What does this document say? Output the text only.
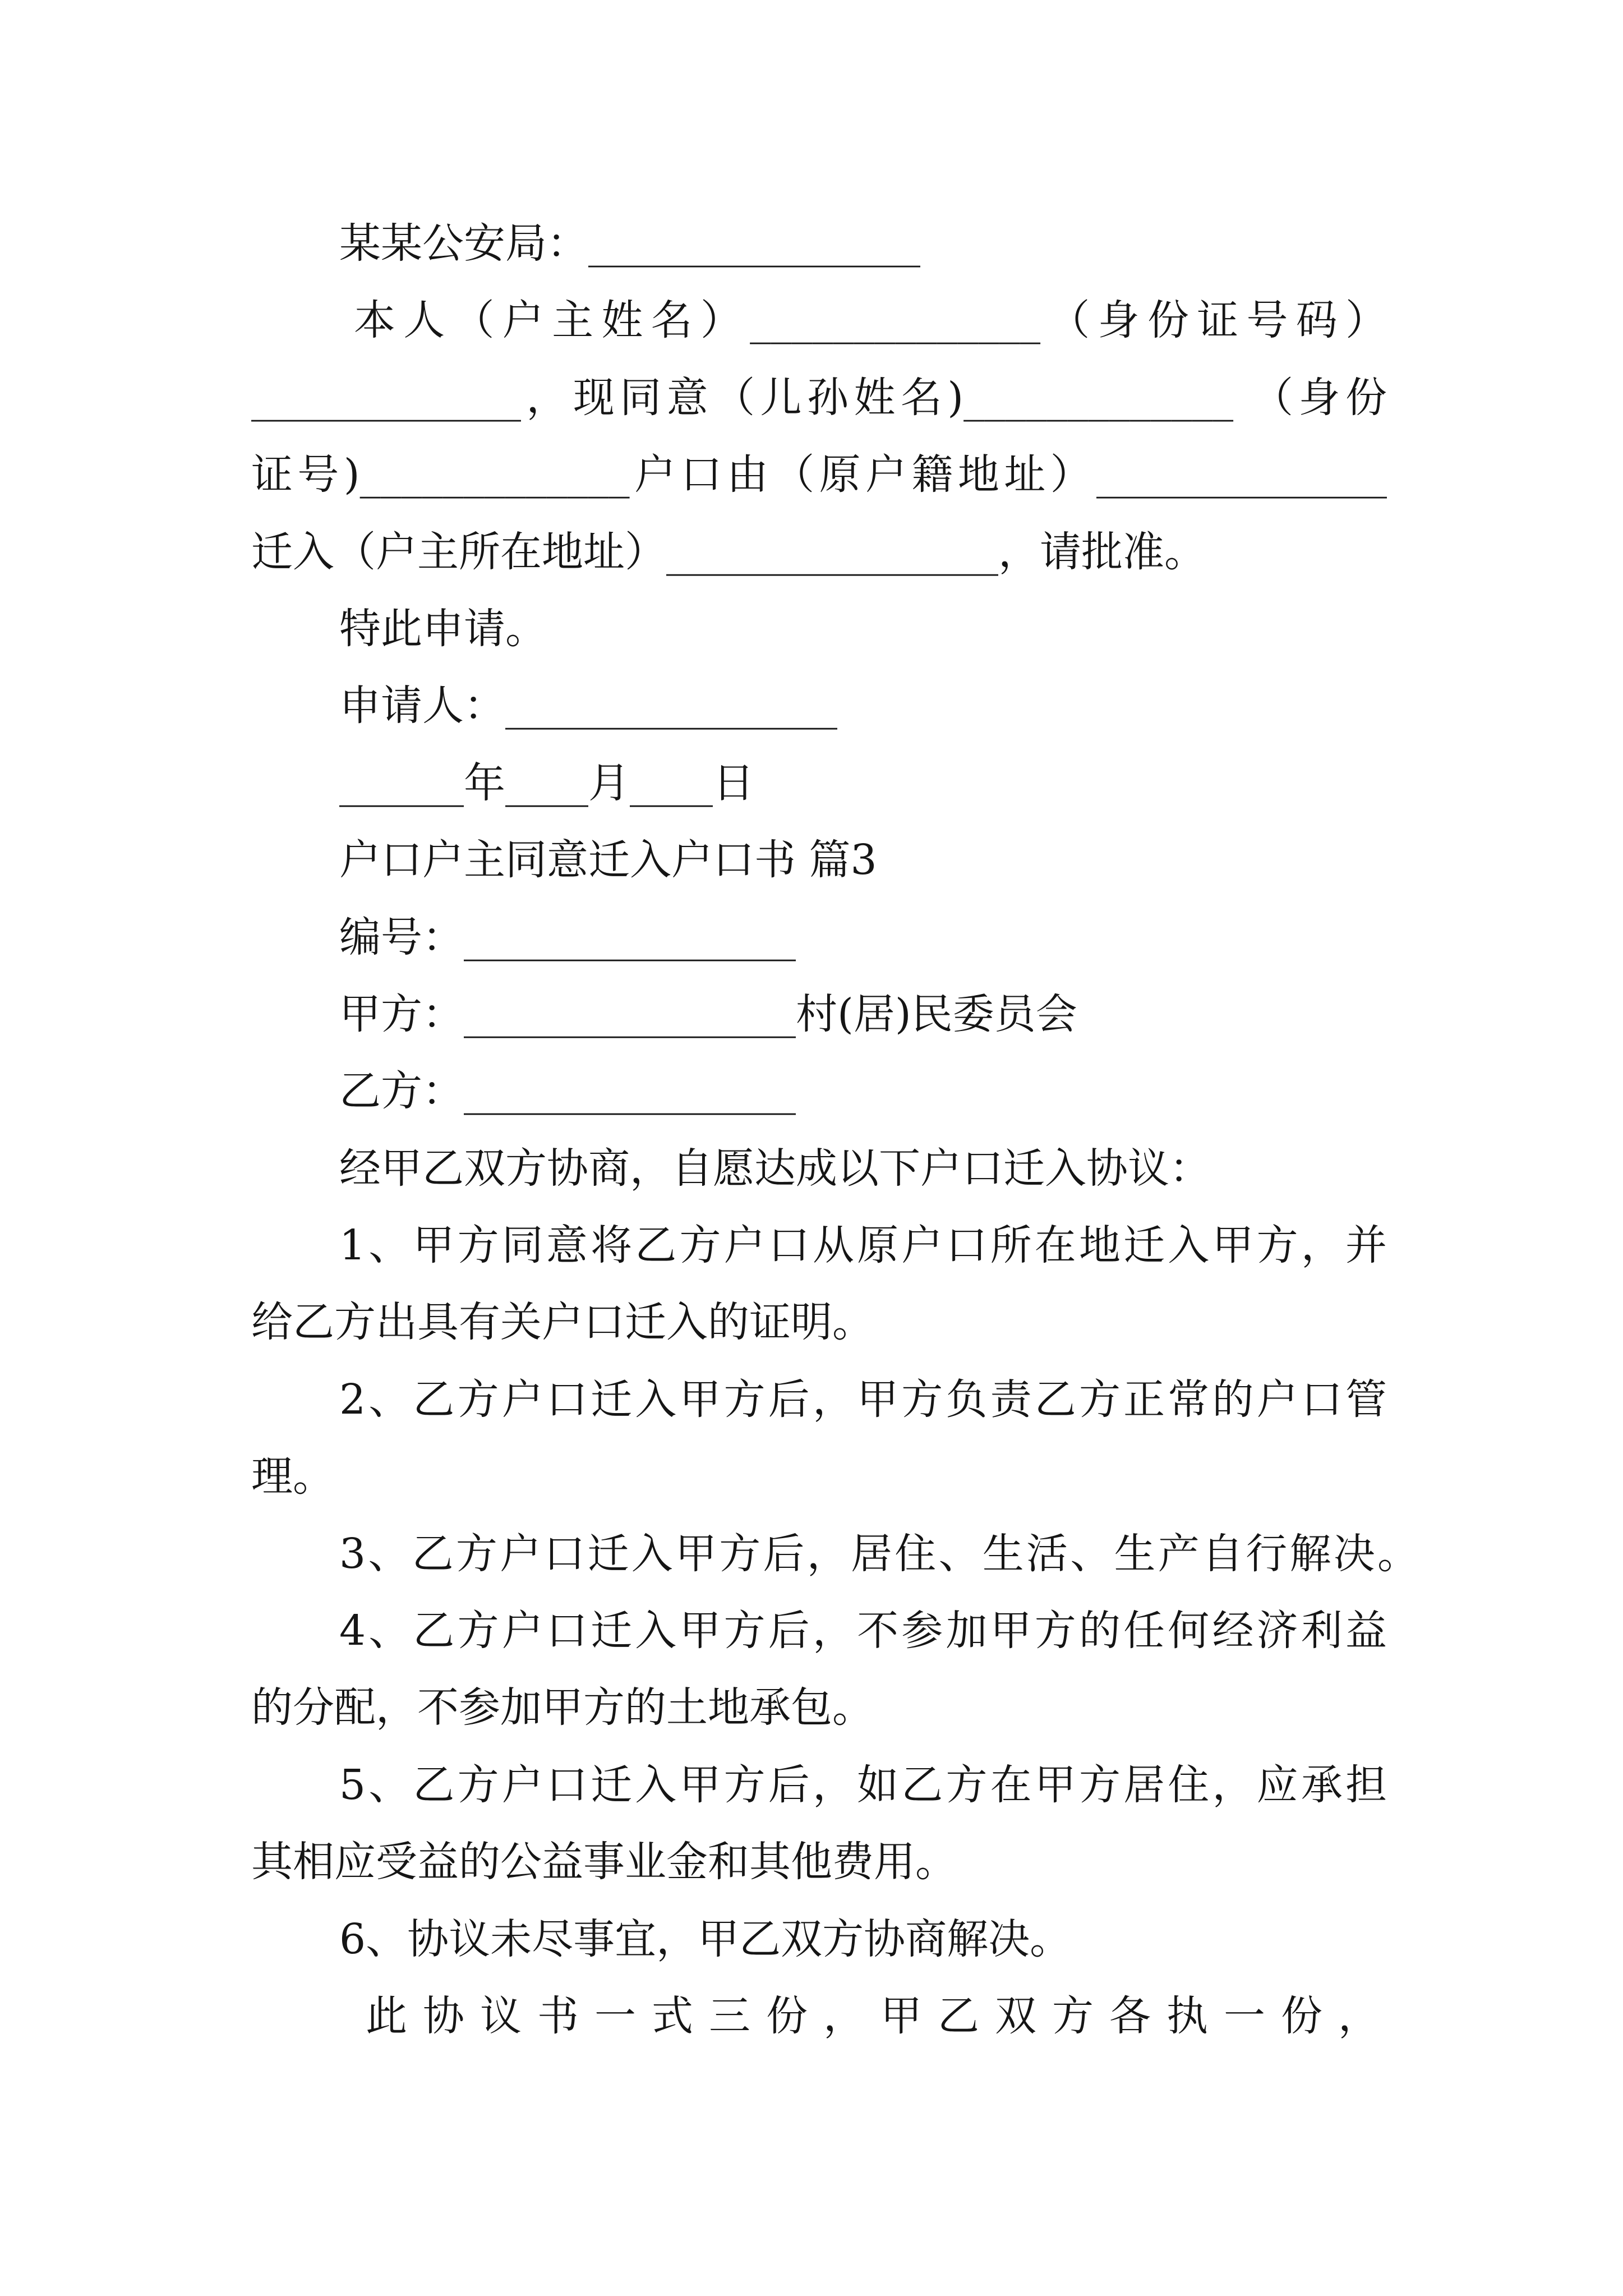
某某公安局：________________
本人（户主姓名）______________（身份证号码）
_____________，现同意（儿孙姓名)_____________ （身份
证号)_____________户口由（原户籍地址）______________
迁入（户主所在地址）________________，请批准。
特此申请。
申请人：________________
______年____月____日
户口户主同意迁入户口书 篇3
编号：________________
甲方：________________村(居)民委员会
乙方：________________
经甲乙双方协商，自愿达成以下户口迁入协议：
1、甲方同意将乙方户口从原户口所在地迁入甲方，并
给乙方出具有关户口迁入的证明。
2、乙方户口迁入甲方后，甲方负责乙方正常的户口管
理。
3、乙方户口迁入甲方后，居住、生活、生产自行解决。
4、乙方户口迁入甲方后，不参加甲方的任何经济利益
的分配，不参加甲方的土地承包。
5、乙方户口迁入甲方后，如乙方在甲方居住，应承担
其相应受益的公益事业金和其他费用。
6、协议未尽事宜，甲乙双方协商解决。
此协议书一式三份，甲乙双方各执一份，
